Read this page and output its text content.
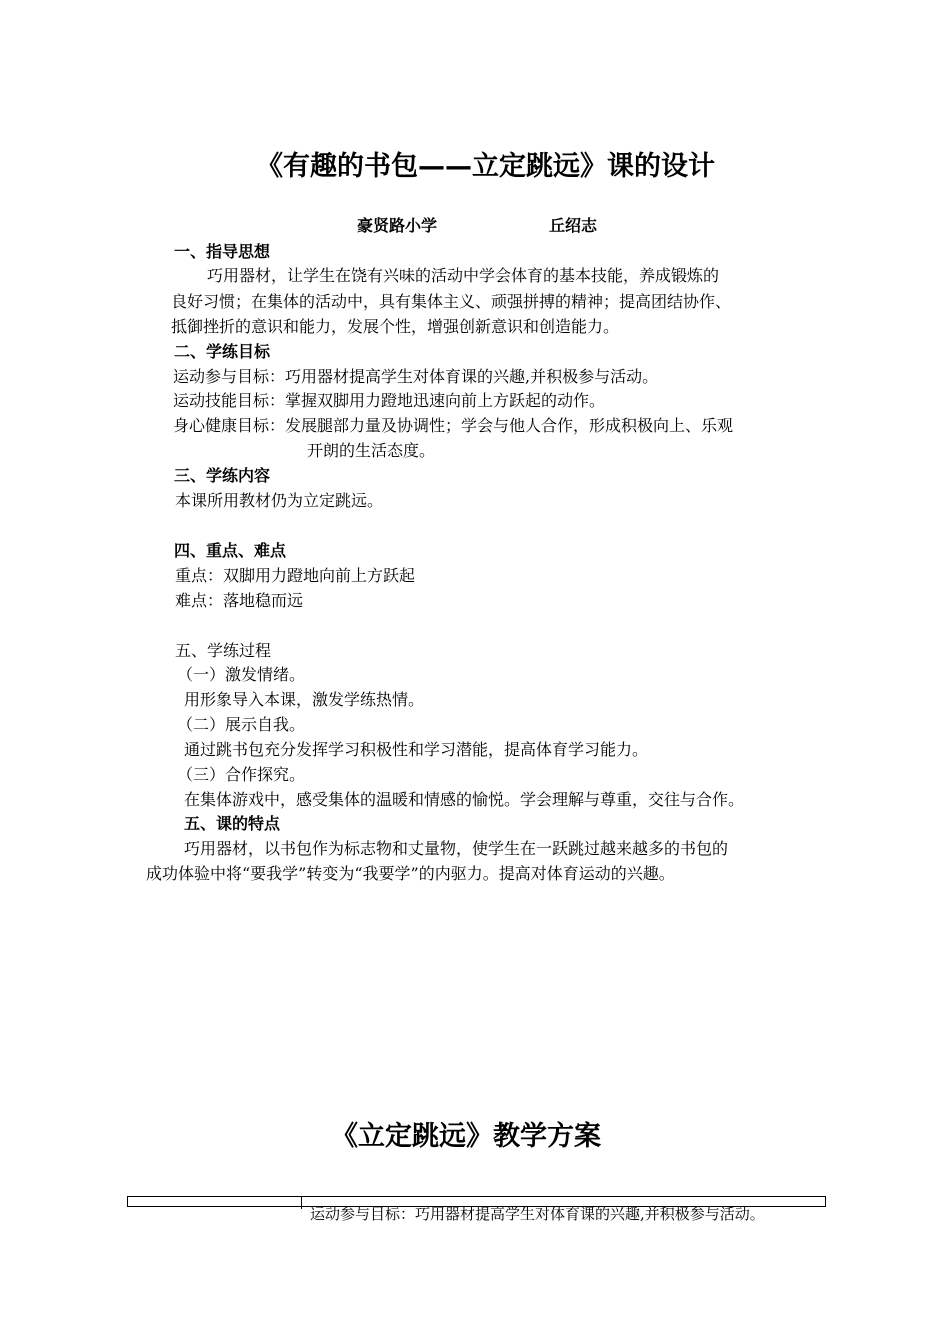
《有趣的书包——立定跳远》课的设计
豪贤路小学	丘绍志
一、指导思想
巧用器材，让学生在饶有兴味的活动中学会体育的基本技能，养成锻炼的
良好习惯；在集体的活动中，具有集体主义、顽强拼搏的精神；提高团结协作、
抵御挫折的意识和能力，发展个性，增强创新意识和创造能力。
二、学练目标
运动参与目标：巧用器材提高学生对体育课的兴趣,并积极参与活动。
运动技能目标：掌握双脚用力蹬地迅速向前上方跃起的动作。
身心健康目标：发展腿部力量及协调性；学会与他人合作，形成积极向上、乐观
开朗的生活态度。
三、学练内容
本课所用教材仍为立定跳远。
四、重点、难点
重点：双脚用力蹬地向前上方跃起
难点：落地稳而远
五、学练过程
（一）激发情绪。
用形象导入本课，激发学练热情。
（二）展示自我。
通过跳书包充分发挥学习积极性和学习潜能，提高体育学习能力。
（三）合作探究。
在集体游戏中，感受集体的温暖和情感的愉悦。学会理解与尊重，交往与合作。
五、课的特点
巧用器材，以书包作为标志物和丈量物，使学生在一跃跳过越来越多的书包的
成功体验中将“要我学”转变为“我要学”的内驱力。提高对体育运动的兴趣。
《立定跳远》教学方案
运动参与目标：巧用器材提高学生对体育课的兴趣,并积极参与活动。
